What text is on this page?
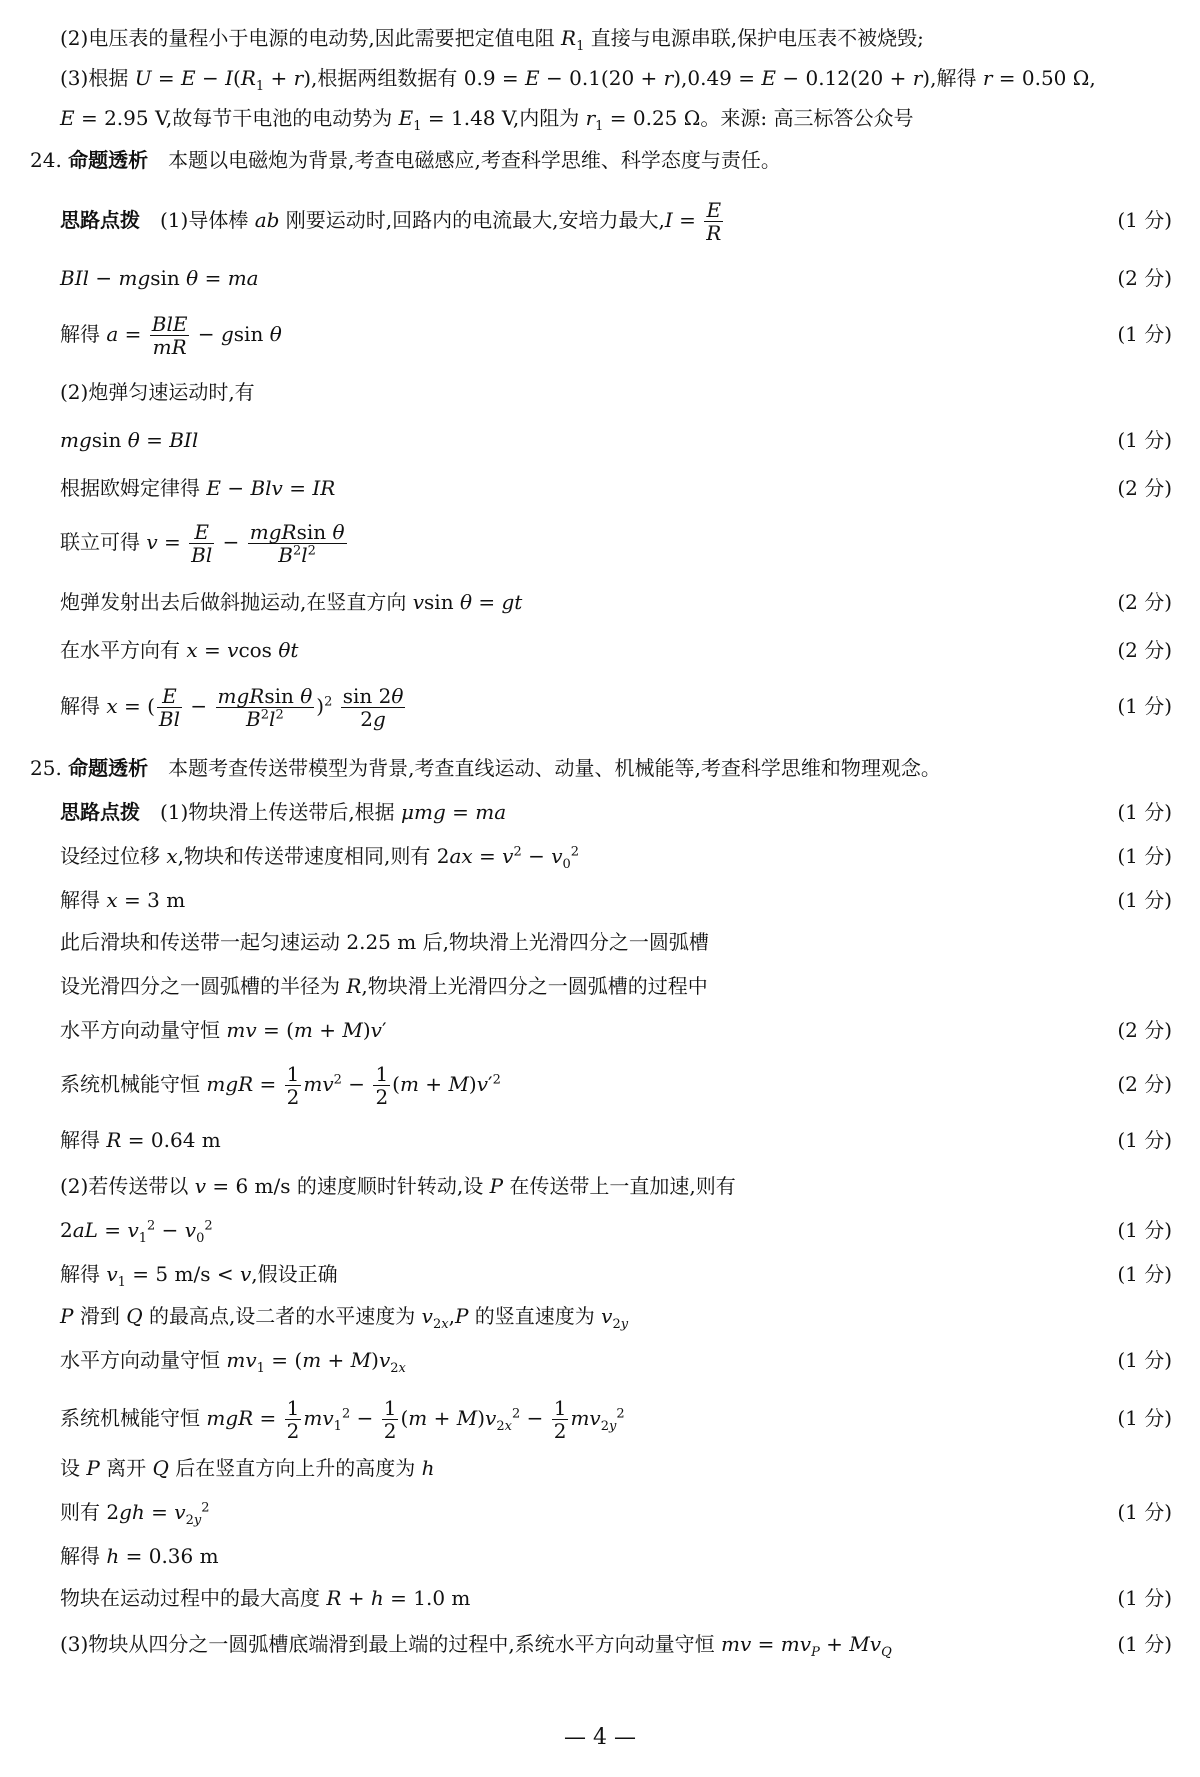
(2)电压表的量程小于电源的电动势,因此需要把定值电阻 $R_1$ 直接与电源串联,保护电压表不被烧毁;
(3)根据 $U = E - I(R_1 + r)$,根据两组数据有 0.9 = E − 0.1(20 + r),0.49 = E − 0.12(20 + r),解得 r = 0.50 Ω,
E = 2.95 V,故每节干电池的电动势为 $E_1 = 1.48$ V,内阻为 $r_1 = 0.25$ Ω。来源: 高三标答公众号
24. 命题透析　本题以电磁炮为背景,考查电磁感应,考查科学思维、科学态度与责任。
思路点拨　(1)导体棒 ab 刚要运动时,回路内的电流最大,安培力最大$,I = \frac{E}{R}$	(1 分)
BIl − mgsin θ = ma	(2 分)
解得 a = BlE
mR
− gsin θ	(1 分)
(2)炮弹匀速运动时,有
mgsin θ = BIl	(1 分)
根据欧姆定律得 E − Blv = IR	(2 分)
联立可得 $v = \frac{E}{Bl} - mgRsin$ θ
$B^2l^2$
炮弹发射出去后做斜抛运动,在竖直方向 vsin θ = gt	(2 分)
在水平方向有 x = vcos θt	(2 分)
解得 x = ( $\frac{E}{Bl} - mgRsin$ θ
$B^2l^2$	)$^2 \frac{\sin 2\theta}{2g}$	(1 分)
25. 命题透析　本题考查传送带模型为背景,考查直线运动、动量、机械能等,考查科学思维和物理观念。
思路点拨　(1)物块滑上传送带后,根据 μmg = ma	(1 分)
设经过位移 x,物块和传送带速度相同,则有 $2ax = v^2 - v_0^2$	(1 分)
解得 x = 3 m	(1 分)
此后滑块和传送带一起匀速运动 2.25 m 后,物块滑上光滑四分之一圆弧槽
设光滑四分之一圆弧槽的半径为 R,物块滑上光滑四分之一圆弧槽的过程中
水平方向动量守恒 mv = (m + M)v′	(2 分)
系统机械能守恒 mgR = $\frac{1}{2} mv^2 - \frac{1}{2} (m + M)v'^2$	(2 分)
解得 R = 0.64 m	(1 分)
(2)若传送带以 v = 6 m/s 的速度顺时针转动,设 P 在传送带上一直加速,则有
$2aL = v_1^2 - v_0^2$	(1 分)
解得 $v_1 = 5$ m/s < v,假设正确	(1 分)
P 滑到 Q 的最高点,设二者的水平速度为 $v_{2x},P$ 的竖直速度为 $v_{2y}$
水平方向动量守恒 $mv_1 = (m + M)v_{2x}$	(1 分)
系统机械能守恒 mgR = $\frac{1}{2} mv_1^2 - \frac{1}{2} (m + M)v_{2x}^2 - \frac{1}{2} mv_{2y}^2$	(1 分)
设 P 离开 Q 后在竖直方向上升的高度为 h
则有 $2gh = v_{2y}^2$	(1 分)
解得 h = 0.36 m
物块在运动过程中的最大高度 R + h = 1.0 m	(1 分)
(3)物块从四分之一圆弧槽底端滑到最上端的过程中,系统水平方向动量守恒 mv = $mv_P + Mv_Q$	(1 分)
— 4 —
